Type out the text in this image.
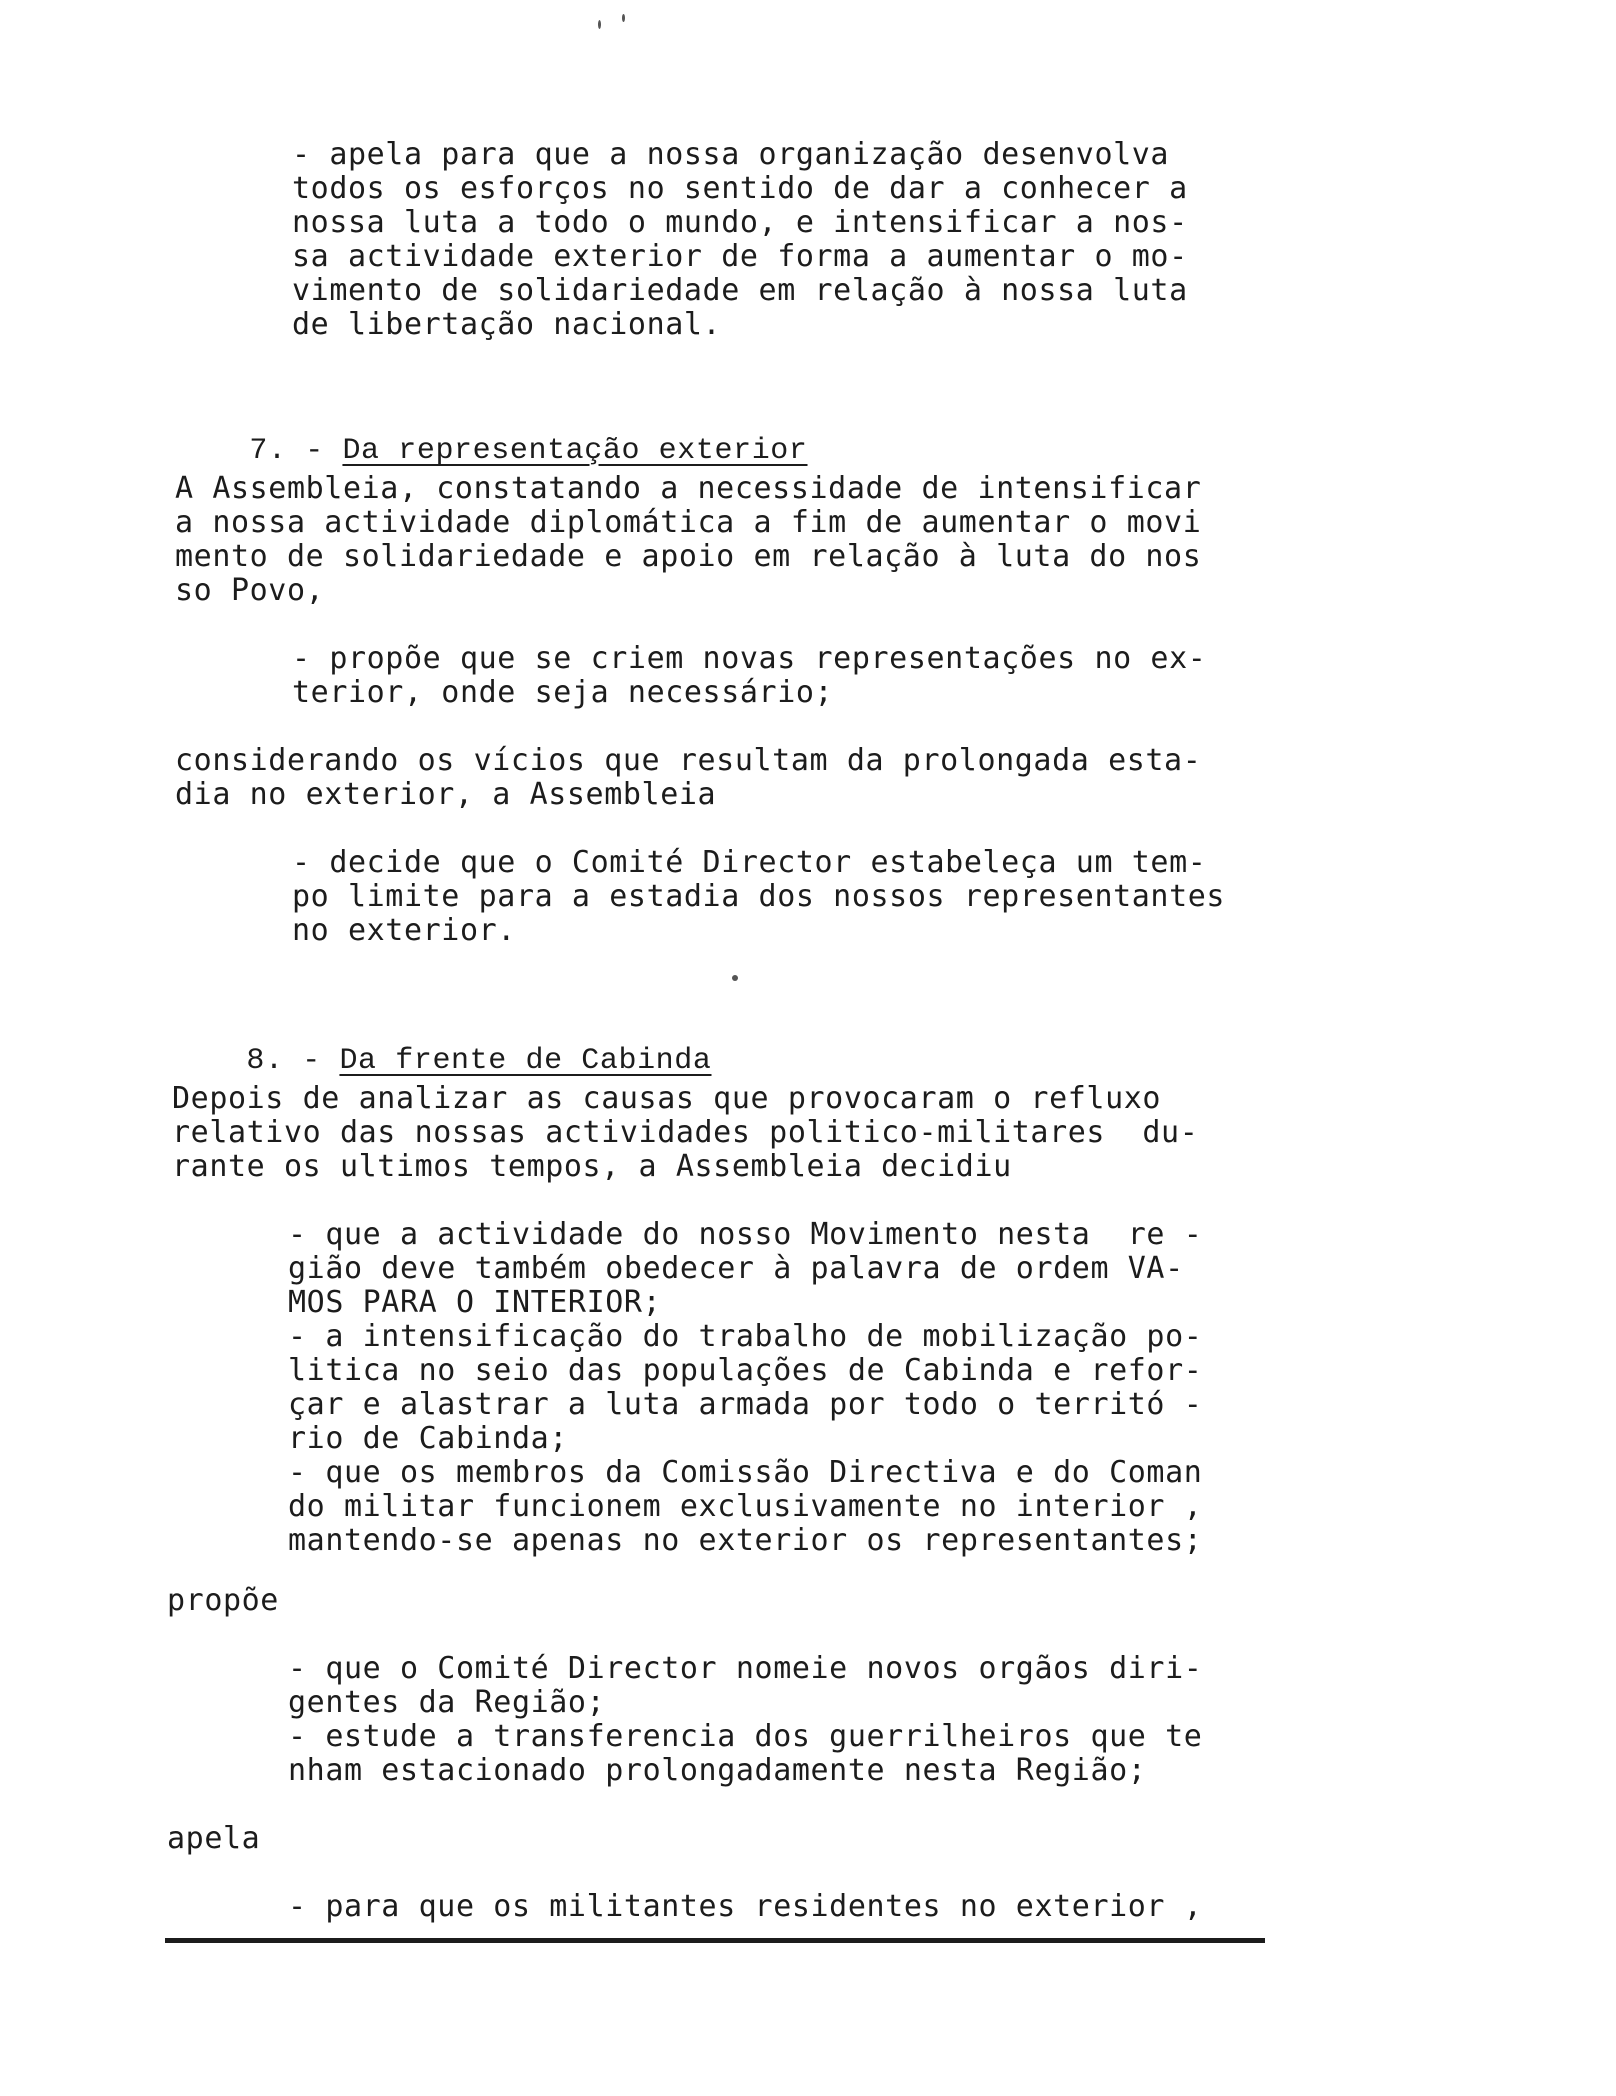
- apela para que a nossa organização desenvolva
todos os esforços no sentido de dar a conhecer a
nossa luta a todo o mundo, e intensificar a nos-
sa actividade exterior de forma a aumentar o mo-
vimento de solidariedade em relação à nossa luta
de libertação nacional.

7. - Da representação exterior

A Assembleia, constatando a necessidade de intensificar
a nossa actividade diplomática a fim de aumentar o movi
mento de solidariedade e apoio em relação à luta do nos
so Povo,
- propõe que se criem novas representações no ex-
terior, onde seja necessário;
considerando os vícios que resultam da prolongada esta-
dia no exterior, a Assembleia
- decide que o Comité Director estabeleça um tem-
po limite para a estadia dos nossos representantes
no exterior.

8. - Da frente de Cabinda

Depois de analizar as causas que provocaram o refluxo
relativo das nossas actividades politico-militares  du-
rante os ultimos tempos, a Assembleia decidiu
- que a actividade do nosso Movimento nesta  re -
gião deve também obedecer à palavra de ordem VA-
MOS PARA O INTERIOR;
- a intensificação do trabalho de mobilização po-
litica no seio das populações de Cabinda e refor-
çar e alastrar a luta armada por todo o territó -
rio de Cabinda;
- que os membros da Comissão Directiva e do Coman
do militar funcionem exclusivamente no interior ,
mantendo-se apenas no exterior os representantes;
propõe
- que o Comité Director nomeie novos orgãos diri-
gentes da Região;
- estude a transferencia dos guerrilheiros que te
nham estacionado prolongadamente nesta Região;
apela
- para que os militantes residentes no exterior ,
